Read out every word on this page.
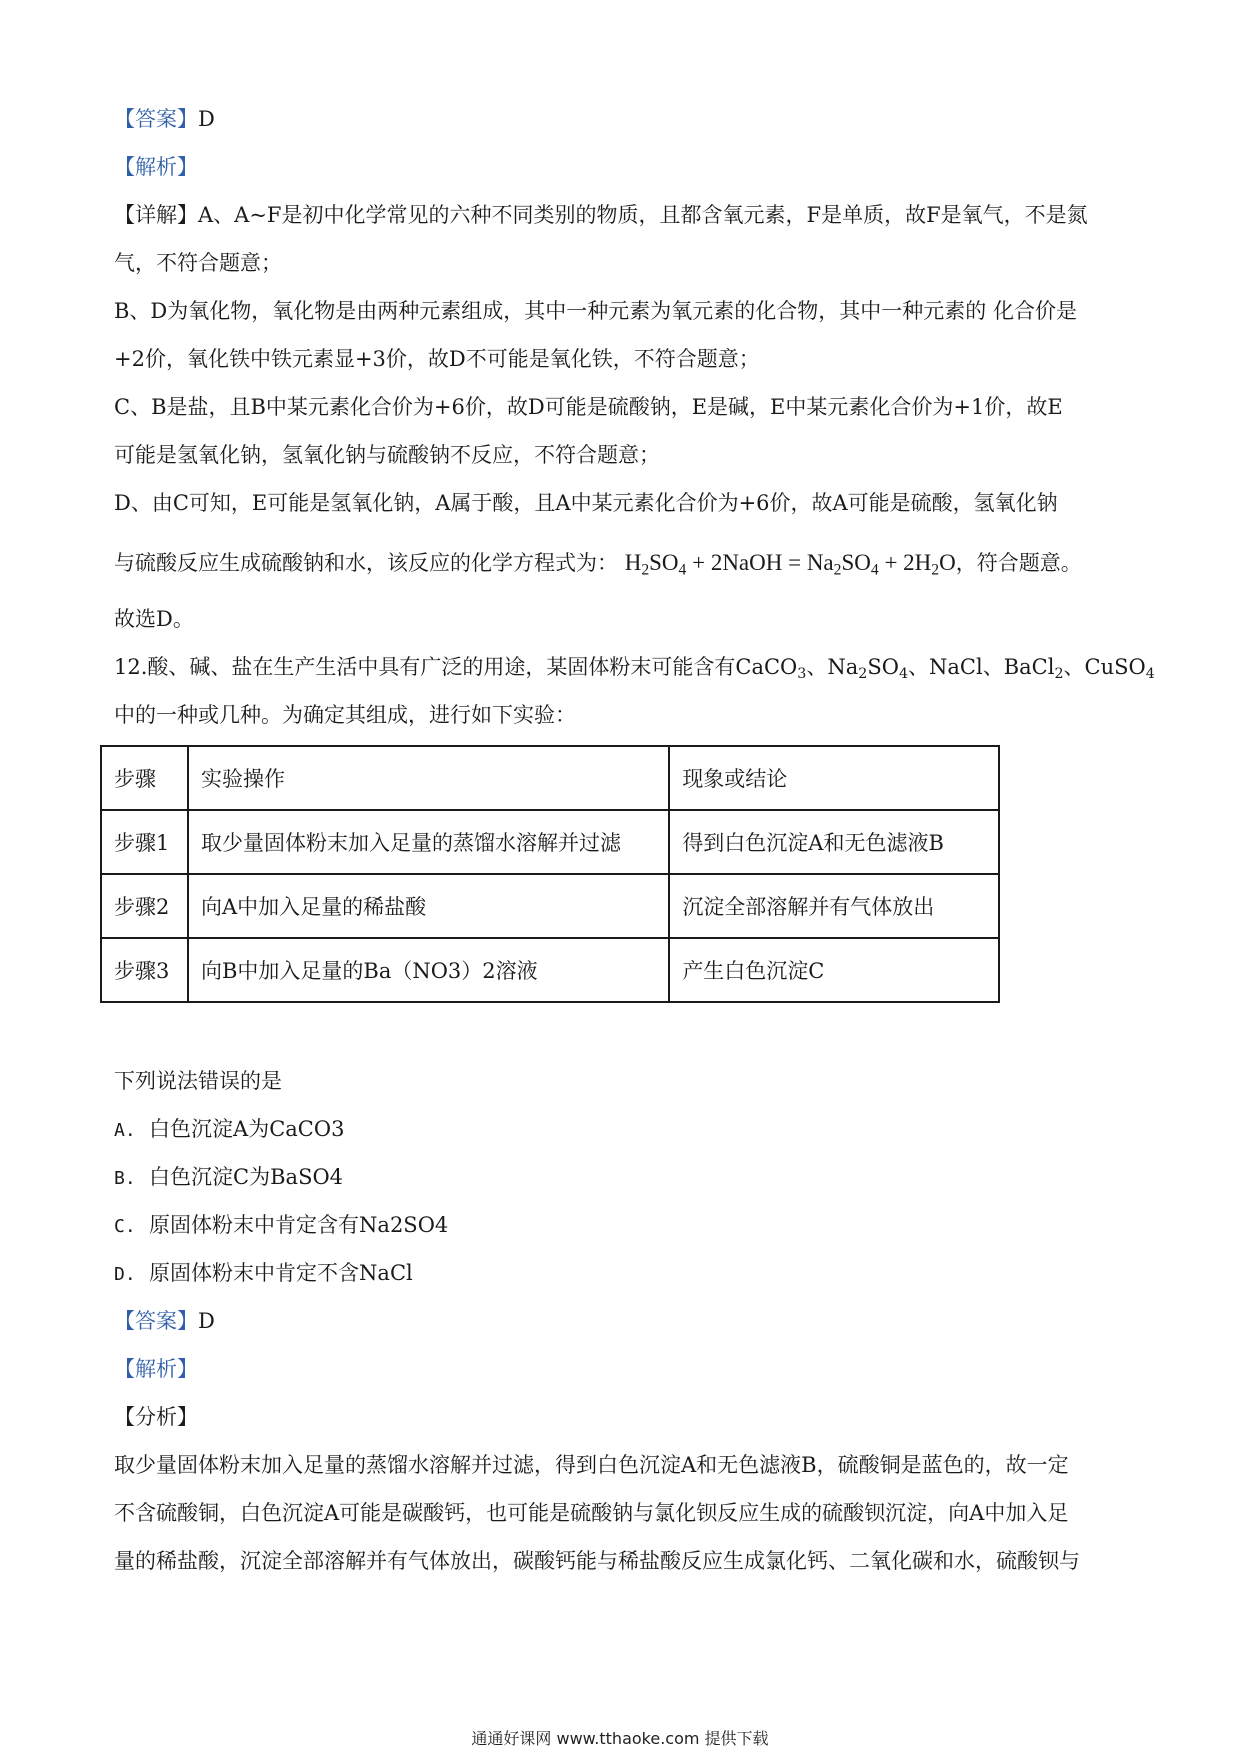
【答案】D
【解析】
【详解】A、A~F是初中化学常见的六种不同类别的物质，且都含氧元素，F是单质，故F是氧气，不是氮
气，不符合题意；
B、D为氧化物，氧化物是由两种元素组成，其中一种元素为氧元素的化合物，其中一种元素的 化合价是
+2价，氧化铁中铁元素显+3价，故D不可能是氧化铁，不符合题意；
C、B是盐，且B中某元素化合价为+6价，故D可能是硫酸钠，E是碱，E中某元素化合价为+1价，故E
可能是氢氧化钠，氢氧化钠与硫酸钠不反应，不符合题意；
D、由C可知，E可能是氢氧化钠，A属于酸，且A中某元素化合价为+6价，故A可能是硫酸，氢氧化钠
与硫酸反应生成硫酸钠和水，该反应的化学方程式为： $H_2SO_4$ + 2NaOH = $Na_2SO_4 + 2H_2O$，符合题意。
故选D。
12.酸、碱、盐在生产生活中具有广泛的用途，某固体粉末可能含有CaCO$_3$、$Na_2SO_4$、NaCl、BaCl$_2$、CuSO$_4$
中的一种或几种。为确定其组成，进行如下实验：
步骤	实验操作	现象或结论
步骤1	取少量固体粉末加入足量的蒸馏水溶解并过滤	得到白色沉淀A和无色滤液B
步骤2	向A中加入足量的稀盐酸	沉淀全部溶解并有气体放出
步骤3	向B中加入足量的Ba（NO3）2溶液	产生白色沉淀C
下列说法错误的是
A. 白色沉淀A为CaCO3
B. 白色沉淀C为BaSO4
C. 原固体粉末中肯定含有Na2SO4
D. 原固体粉末中肯定不含NaCl
【答案】D
【解析】
【分析】
取少量固体粉末加入足量的蒸馏水溶解并过滤，得到白色沉淀A和无色滤液B，硫酸铜是蓝色的，故一定
不含硫酸铜，白色沉淀A可能是碳酸钙，也可能是硫酸钠与氯化钡反应生成的硫酸钡沉淀，向A中加入足
量的稀盐酸，沉淀全部溶解并有气体放出，碳酸钙能与稀盐酸反应生成氯化钙、二氧化碳和水，硫酸钡与
通通好课网 www.tthaoke.com 提供下载
